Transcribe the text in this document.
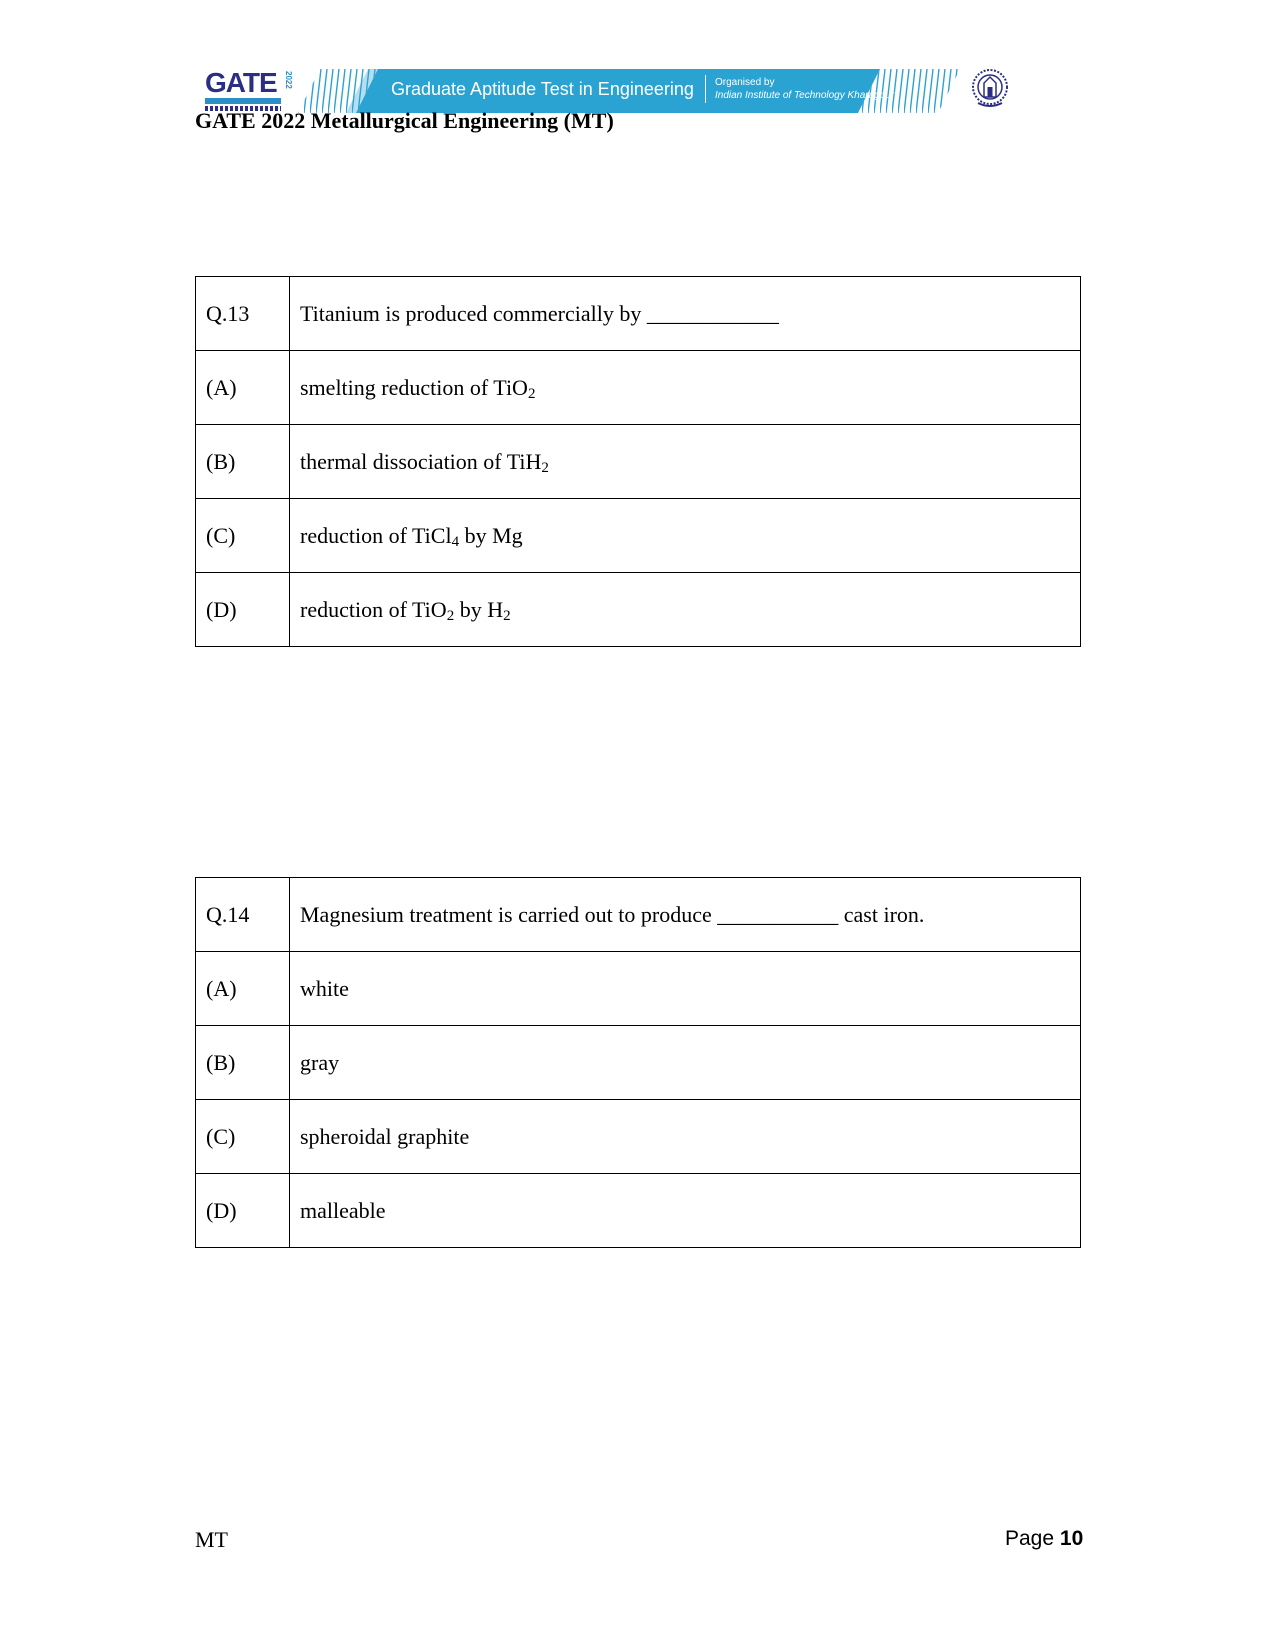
GATE 2022	Graduate Aptitude Test in Engineering Organised by
Indian Institute of Technology Kharagpur
GATE 2022 Metallurgical Engineering (MT)
Q.13	Titanium is produced commercially by ____________
(A)	smelting reduction of TiO$_2$
(B)	thermal dissociation of TiH$_2$
(C)	reduction of TiCl$_4$ by Mg
(D)	reduction of TiO$_2$ by $H_2$
Q.14	Magnesium treatment is carried out to produce ___________ cast iron.
(A)	white
(B)	gray
(C)	spheroidal graphite
(D)	malleable
MT	Page 10
